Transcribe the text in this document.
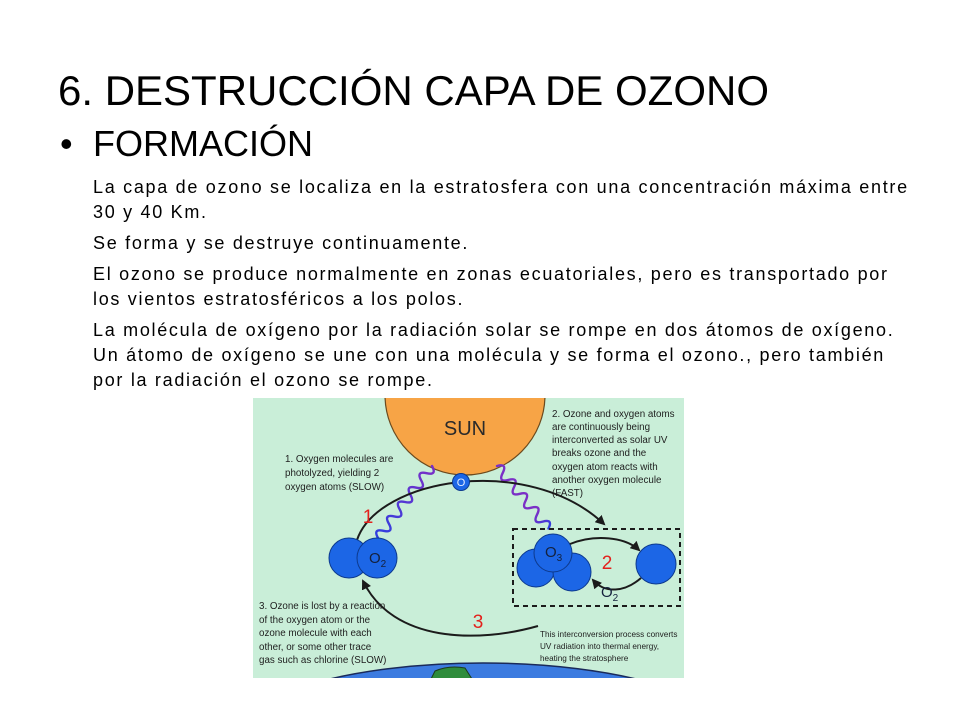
6. DESTRUCCIÓN CAPA DE OZONO
• FORMACIÓN
La capa de ozono se localiza en la estratosfera con una concentración máxima entre
30 y 40 Km.
Se forma y se destruye continuamente.
El ozono se produce normalmente en zonas ecuatoriales, pero es transportado por
los vientos estratosféricos a los polos.
La molécula de oxígeno por la radiación solar se rompe en dos átomos de oxígeno.
Un átomo de oxígeno se une con una molécula y se forma el ozono., pero también
por la radiación el ozono se rompe.
SUN
1. Oxygen molecules are
photolyzed, yielding 2
oxygen atoms (SLOW)
2. Ozone and oxygen atoms
are continuously being
interconverted as solar UV
breaks ozone and the
oxygen atom reacts with
another oxygen molecule
(FAST)
O
1
$O_2$
$O_3$ 2
$O_2$
3
3. Ozone is lost by a reaction
of the oxygen atom or the
ozone molecule with each
other, or some other trace
gas such as chlorine (SLOW)
This interconversion process converts
UV radiation into thermal energy,
heating the stratosphere
